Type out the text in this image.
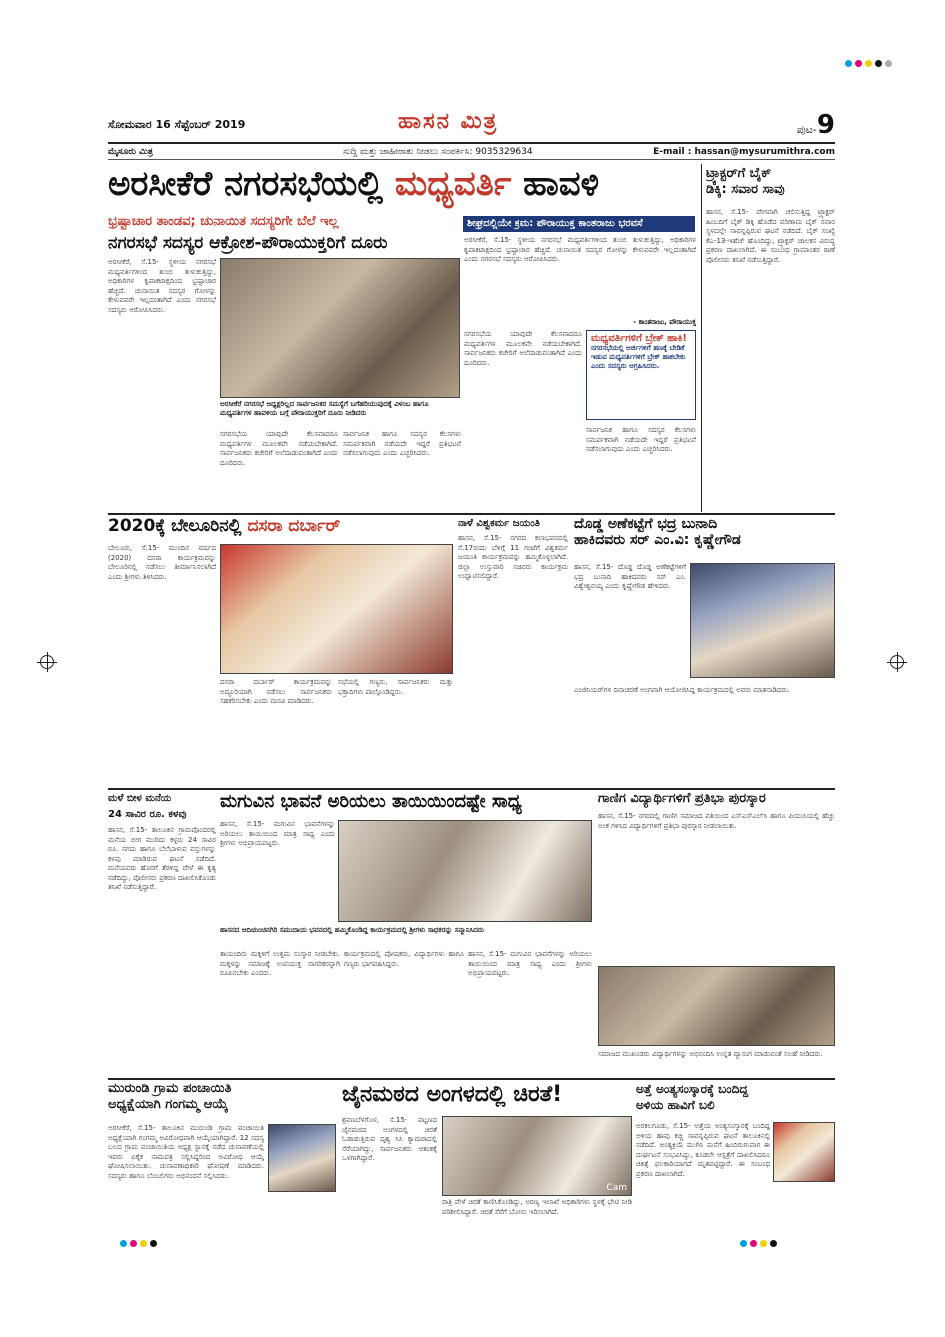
ಸೋಮವಾರ 16 ಸೆಪ್ಟೆಂಬರ್ 2019	ಹಾಸನ ಮಿತ್ರ	ಪುಟ-9
ಮೈಸೂರು ಮಿತ್ರ	ಸುದ್ದಿ ಮತ್ತು ಜಾಹೀರಾತು ನೀಡಲು ಸಂಪರ್ಕಿಸಿ: 9035329634	E-mail : hassan@mysurumithra.com
ಅರಸೀಕೆರೆ ನಗರಸಭೆಯಲ್ಲಿ ಮಧ್ಯವರ್ತಿ ಹಾವಳಿ
ಭ್ರಷ್ಟಾಚಾರ ತಾಂಡವ; ಚುನಾಯಿತ ಸದಸ್ಯರಿಗೇ ಬೆಲೆ ಇಲ್ಲ
ನಗರಸಭೆ ಸದಸ್ಯರ ಆಕ್ರೋಶ-ಪೌರಾಯುಕ್ತರಿಗೆ ದೂರು
ಶೀಘ್ರದಲ್ಲಿಯೇ ಕ್ರಮ: ಪೌರಾಯುಕ್ತ ಕಾಂತರಾಜು ಭರವಸೆ
ಅರಸೀಕೆರೆ, ಸೆ.15- ಸ್ಥಳೀಯ ನಗರಸಭೆ ಮಧ್ಯವರ್ತಿಗಳಿಂದ ತುಂಬಿ ತುಳುಕುತ್ತಿದ್ದು, ಅಧಿಕಾರಿಗಳ ಕೃಪಾಕಟಾಕ್ಷದಿಂದ ಭ್ರಷ್ಟಾಚಾರ ಹೆಚ್ಚಿದೆ. ಚುನಾಯಿತ ಸದಸ್ಯರ ಗೋಳನ್ನು ಕೇಳುವವರೇ ಇಲ್ಲದಂತಾಗಿದೆ ಎಂದು ನಗರಸಭೆ ಸದಸ್ಯರು ಆರೋಪಿಸಿದರು.
ಅರಸೀಕೆರೆ ನಗರಸಭೆ ಅಧ್ಯಕ್ಷರಿಲ್ಲದ ಸಾರ್ವಜನಿಕರ ಸಮಸ್ಯೆಗೆ ಬಗೆಹರಿಯುವುದಕ್ಕೆ ವಿಳಂಬ ಹಾಗೂ ಮಧ್ಯವರ್ತಿಗಳ ಹಾವಳಿಯ ಬಗ್ಗೆ ಪೌರಾಯುಕ್ತರಿಗೆ ದೂರು ನೀಡಿದರು
ನಗರಸಭೆಯ ಯಾವುದೇ ಕೆಲಸವಾದರೂ ಮಧ್ಯವರ್ತಿಗಳ ಮೂಲಕವೇ ನಡೆಯಬೇಕಾಗಿದೆ. ಸಾರ್ವಜನಿಕರು ಕಚೇರಿಗೆ ಅಲೆದಾಡುವಂತಾಗಿದೆ ಎಂದು ದೂರಿದರು.
ಸಾರ್ವಜನಿಕ ಹಾಗೂ ಸದಸ್ಯರ ಕೆಲಸಗಳು ಸಮರ್ಪಕವಾಗಿ ನಡೆಯದೇ ಇದ್ದರೆ ಪ್ರತಿಭಟನೆ ನಡೆಸಲಾಗುವುದು ಎಂದು ಎಚ್ಚರಿಸಿದರು.
ಅರಸೀಕೆರೆ, ಸೆ.15- ಸ್ಥಳೀಯ ನಗರಸಭೆ ಮಧ್ಯವರ್ತಿಗಳಿಂದ ತುಂಬಿ ತುಳುಕುತ್ತಿದ್ದು, ಅಧಿಕಾರಿಗಳ ಕೃಪಾಕಟಾಕ್ಷದಿಂದ ಭ್ರಷ್ಟಾಚಾರ ಹೆಚ್ಚಿದೆ. ಚುನಾಯಿತ ಸದಸ್ಯರ ಗೋಳನ್ನು ಕೇಳುವವರೇ ಇಲ್ಲದಂತಾಗಿದೆ ಎಂದು ನಗರಸಭೆ ಸದಸ್ಯರು ಆರೋಪಿಸಿದರು.
- ಕಾಂತರಾಜು, ಪೌರಾಯುಕ್ತ
ನಗರಸಭೆಯ ಯಾವುದೇ ಕೆಲಸವಾದರೂ ಮಧ್ಯವರ್ತಿಗಳ ಮೂಲಕವೇ ನಡೆಯಬೇಕಾಗಿದೆ. ಸಾರ್ವಜನಿಕರು ಕಚೇರಿಗೆ ಅಲೆದಾಡುವಂತಾಗಿದೆ ಎಂದು ದೂರಿದರು.
ಮಧ್ಯವರ್ತಿಗಳಿಗೆ ಬ್ರೇಕ್ ಹಾಕಿ!
ನಗರಸಭೆಯಲ್ಲಿ ಅರ್ಜಿಗಳಿಗೆ ಹಣಕ್ಕೆ ಬೇಡಿಕೆ ಇಡುವ ಮಧ್ಯವರ್ತಿಗಳಿಗೆ ಬ್ರೇಕ್ ಹಾಕಬೇಕು ಎಂದು ಸದಸ್ಯರು ಆಗ್ರಹಿಸಿದರು.
ಸಾರ್ವಜನಿಕ ಹಾಗೂ ಸದಸ್ಯರ ಕೆಲಸಗಳು ಸಮರ್ಪಕವಾಗಿ ನಡೆಯದೇ ಇದ್ದರೆ ಪ್ರತಿಭಟನೆ ನಡೆಸಲಾಗುವುದು ಎಂದು ಎಚ್ಚರಿಸಿದರು.
ಟ್ರ್ಯಾಕ್ಟರ್‌ಗೆ ಬೈಕ್
ಡಿಕ್ಕಿ: ಸವಾರ ಸಾವು
ಹಾಸನ, ಸೆ.15- ವೇಗವಾಗಿ ಚಲಿಸುತ್ತಿದ್ದ ಟ್ರ್ಯಾಕ್ಟರ್ ಹಿಂಬದಿಗೆ ಬೈಕ್ ಡಿಕ್ಕಿ ಹೊಡೆದ ಪರಿಣಾಮ ಬೈಕ್ ಸವಾರ ಸ್ಥಳದಲ್ಲೇ ಸಾವನ್ನಪ್ಪಿರುವ ಘಟನೆ ನಡೆದಿದೆ. ಬೈಕ್ ಸಂಖ್ಯೆ ಕೆಎ-13-ಇಹೆಚ್ ಹೊಂದಿದ್ದು, ಟ್ರ್ಯಾಕ್ಟರ್ ಚಾಲಕನ ವಿರುದ್ಧ ಪ್ರಕರಣ ದಾಖಲಾಗಿದೆ. ಈ ಸಂಬಂಧ ಗ್ರಾಮಾಂತರ ಠಾಣೆ ಪೊಲೀಸರು ತನಿಖೆ ನಡೆಸುತ್ತಿದ್ದಾರೆ.
2020ಕ್ಕೆ ಬೇಲೂರಿನಲ್ಲಿ ದಸರಾ ದರ್ಬಾರ್
ಬೇಲೂರು, ಸೆ.15- ಮುಂದಿನ ವರ್ಷದ (2020) ದಸರಾ ಕಾರ್ಯಕ್ರಮವನ್ನು ಬೇಲೂರಿನಲ್ಲಿ ನಡೆಸಲು ತೀರ್ಮಾನಿಸಲಾಗಿದೆ ಎಂದು ಶ್ರೀಗಳು ತಿಳಿಸಿದರು.
ದಸರಾ ದರ್ಬಾರ್ ಕಾರ್ಯಕ್ರಮವನ್ನು ಅದ್ದೂರಿಯಾಗಿ ನಡೆಸಲು ಸಾರ್ವಜನಿಕರು ಸಹಕರಿಸಬೇಕು ಎಂದು ಮನವಿ ಮಾಡಿದರು.
ಸಭೆಯಲ್ಲಿ ಗಣ್ಯರು, ಸಾರ್ವಜನಿಕರು ಮತ್ತು ಭಕ್ತಾದಿಗಳು ಪಾಲ್ಗೊಂಡಿದ್ದರು.
ನಾಳೆ ವಿಶ್ವಕರ್ಮ ಜಯಂತಿ
ಹಾಸನ, ಸೆ.15- ನಗರದ ಕಲಾಭವನದಲ್ಲಿ ಸೆ.17ರಂದು ಬೆಳಿಗ್ಗೆ 11 ಗಂಟೆಗೆ ವಿಶ್ವಕರ್ಮ ಜಯಂತಿ ಕಾರ್ಯಕ್ರಮವನ್ನು ಹಮ್ಮಿಕೊಳ್ಳಲಾಗಿದೆ. ಜಿಲ್ಲಾ ಉಸ್ತುವಾರಿ ಸಚಿವರು ಕಾರ್ಯಕ್ರಮ ಉದ್ಘಾಟಿಸಲಿದ್ದಾರೆ.
ದೊಡ್ಡ ಅಣೆಕಟ್ಟೆಗೆ ಭದ್ರ ಬುನಾದಿ
ಹಾಕಿದವರು ಸರ್ ಎಂ.ವಿ: ಕೃಷ್ಣೇಗೌಡ
ಹಾಸನ, ಸೆ.15- ದೊಡ್ಡ ದೊಡ್ಡ ಅಣೆಕಟ್ಟೆಗಳಿಗೆ ಭದ್ರ ಬುನಾದಿ ಹಾಕಿದವರು ಸರ್ ಎಂ. ವಿಶ್ವೇಶ್ವರಯ್ಯ ಎಂದು ಕೃಷ್ಣೇಗೌಡ ಹೇಳಿದರು.
ಎಂಜಿನಿಯರ್‌ಗಳ ದಿನಾಚರಣೆ ಅಂಗವಾಗಿ ಆಯೋಜಿಸಿದ್ದ ಕಾರ್ಯಕ್ರಮದಲ್ಲಿ ಅವರು ಮಾತನಾಡಿದರು.
ಮಳೆ ಬೀಳ ಮನೆಯ
24 ಸಾವಿರ ರೂ. ಕಳವು
ಹಾಸನ, ಸೆ.15- ತಾಲೂಕಿನ ಗ್ರಾಮವೊಂದರಲ್ಲಿ ಮನೆಯ ಬೀಗ ಮುರಿದು ಕಳ್ಳರು 24 ಸಾವಿರ ರೂ. ನಗದು ಹಾಗೂ ಬೆಲೆಬಾಳುವ ವಸ್ತುಗಳನ್ನು ಕಳವು ಮಾಡಿರುವ ಘಟನೆ ನಡೆದಿದೆ. ಮನೆಯವರು ಹೊರಗೆ ತೆರಳಿದ್ದ ವೇಳೆ ಈ ಕೃತ್ಯ ನಡೆದಿದ್ದು, ಪೊಲೀಸರು ಪ್ರಕರಣ ದಾಖಲಿಸಿಕೊಂಡು ತನಿಖೆ ನಡೆಸುತ್ತಿದ್ದಾರೆ.
ಮಗುವಿನ ಭಾವನೆ ಅರಿಯಲು ತಾಯಿಯಿಂದಷ್ಟೇ ಸಾಧ್ಯ
ಹಾಸನ, ಸೆ.15- ಮಗುವಿನ ಭಾವನೆಗಳನ್ನು ಅರಿಯಲು ತಾಯಿಯಿಂದ ಮಾತ್ರ ಸಾಧ್ಯ ಎಂದು ಶ್ರೀಗಳು ಅಭಿಪ್ರಾಯಪಟ್ಟರು.
ಹಾಸನದ ಆದಿಚುಂಚನಗಿರಿ ಸಮುದಾಯ ಭವನದಲ್ಲಿ ಹಮ್ಮಿಕೊಂಡಿದ್ದ ಕಾರ್ಯಕ್ರಮದಲ್ಲಿ ಶ್ರೀಗಳು ಸಾಧಕರನ್ನು ಸನ್ಮಾನಿಸಿದರು
ತಾಯಂದಿರು ಮಕ್ಕಳಿಗೆ ಉತ್ತಮ ಸಂಸ್ಕಾರ ನೀಡಬೇಕು. ಮಕ್ಕಳನ್ನು ಸಮಾಜಕ್ಕೆ ಉಪಯುಕ್ತ ನಾಗರಿಕರನ್ನಾಗಿ ರೂಪಿಸಬೇಕು ಎಂದರು.
ಕಾರ್ಯಕ್ರಮದಲ್ಲಿ ಪೋಷಕರು, ವಿದ್ಯಾರ್ಥಿಗಳು ಹಾಗೂ ಗಣ್ಯರು ಭಾಗವಹಿಸಿದ್ದರು.
ಹಾಸನ, ಸೆ.15- ಮಗುವಿನ ಭಾವನೆಗಳನ್ನು ಅರಿಯಲು ತಾಯಿಯಿಂದ ಮಾತ್ರ ಸಾಧ್ಯ ಎಂದು ಶ್ರೀಗಳು ಅಭಿಪ್ರಾಯಪಟ್ಟರು.
ಗಾಣಿಗ ವಿದ್ಯಾರ್ಥಿಗಳಿಗೆ ಪ್ರತಿಭಾ ಪುರಸ್ಕಾರ
ಹಾಸನ, ಸೆ.15- ನಗರದಲ್ಲಿ ಗಾಣಿಗ ಸಮಾಜದ ವತಿಯಿಂದ ಎಸ್ಎಸ್ಎಲ್‌ಸಿ ಹಾಗೂ ಪಿಯುಸಿಯಲ್ಲಿ ಹೆಚ್ಚು ಅಂಕ ಗಳಿಸಿದ ವಿದ್ಯಾರ್ಥಿಗಳಿಗೆ ಪ್ರತಿಭಾ ಪುರಸ್ಕಾರ ನೀಡಲಾಯಿತು.
ಸಮಾಜದ ಮುಖಂಡರು ವಿದ್ಯಾರ್ಥಿಗಳನ್ನು ಅಭಿನಂದಿಸಿ ಉನ್ನತ ವ್ಯಾಸಂಗ ಮಾಡುವಂತೆ ಸಲಹೆ ನೀಡಿದರು.
ಮುರುಂಡಿ ಗ್ರಾಮ ಪಂಚಾಯಿತಿ
ಅಧ್ಯಕ್ಷೆಯಾಗಿ ಗಂಗಮ್ಮ ಆಯ್ಕೆ
ಅರಸೀಕೆರೆ, ಸೆ.15- ತಾಲೂಕಿನ ಮುರುಂಡಿ ಗ್ರಾಮ ಪಂಚಾಯಿತಿ ಅಧ್ಯಕ್ಷೆಯಾಗಿ ಗಂಗಮ್ಮ ಅವಿರೋಧವಾಗಿ ಆಯ್ಕೆಯಾಗಿದ್ದಾರೆ. 12 ಸದಸ್ಯ ಬಲದ ಗ್ರಾಮ ಪಂಚಾಯಿತಿಯ ಅಧ್ಯಕ್ಷ ಸ್ಥಾನಕ್ಕೆ ನಡೆದ ಚುನಾವಣೆಯಲ್ಲಿ ಇವರು ಏಕೈಕ ನಾಮಪತ್ರ ಸಲ್ಲಿಸಿದ್ದರಿಂದ ಅವಿರೋಧ ಆಯ್ಕೆ ಘೋಷಿಸಲಾಯಿತು. ಚುನಾವಣಾಧಿಕಾರಿ ಘೋಷಣೆ ಮಾಡಿದರು. ಸದಸ್ಯರು ಹಾಗೂ ಬೆಂಬಲಿಗರು ಅಭಿನಂದನೆ ಸಲ್ಲಿಸಿದರು.
ಜೈನಮಠದ ಅಂಗಳದಲ್ಲಿ ಚಿರತೆ!
ಶ್ರವಣಬೆಳಗೊಳ, ಸೆ.15- ಪಟ್ಟಣದ ಜೈನಮಠದ ಅಂಗಳದಲ್ಲಿ ಚಿರತೆ ಓಡಾಡುತ್ತಿರುವ ದೃಶ್ಯ ಸಿಸಿ ಕ್ಯಾಮರಾದಲ್ಲಿ ಸೆರೆಯಾಗಿದ್ದು, ಸಾರ್ವಜನಿಕರು ಆತಂಕಕ್ಕೆ ಒಳಗಾಗಿದ್ದಾರೆ.
Cam
ರಾತ್ರಿ ವೇಳೆ ಚಿರತೆ ಕಾಣಿಸಿಕೊಂಡಿದ್ದು, ಅರಣ್ಯ ಇಲಾಖೆ ಅಧಿಕಾರಿಗಳು ಸ್ಥಳಕ್ಕೆ ಭೇಟಿ ನೀಡಿ ಪರಿಶೀಲಿಸಿದ್ದಾರೆ. ಚಿರತೆ ಸೆರೆಗೆ ಬೋನು ಇರಿಸಲಾಗಿದೆ.
ಅತ್ತೆ ಅಂತ್ಯಸಂಸ್ಕಾರಕ್ಕೆ ಬಂದಿದ್ದ
ಅಳಿಯ ಹಾವಿಗೆ ಬಲಿ
ಅರಕಲಗೂಡು, ಸೆ.15- ಅತ್ತೆಯ ಅಂತ್ಯಸಂಸ್ಕಾರಕ್ಕೆ ಬಂದಿದ್ದ ಅಳಿಯ ಹಾವು ಕಚ್ಚಿ ಸಾವನ್ನಪ್ಪಿರುವ ಘಟನೆ ತಾಲೂಕಿನಲ್ಲಿ ನಡೆದಿದೆ. ಅಂತ್ಯಕ್ರಿಯೆ ಮುಗಿಸಿ ಮನೆಗೆ ಹಿಂದಿರುಗುವಾಗ ಈ ದುರ್ಘಟನೆ ಸಂಭವಿಸಿದ್ದು, ಕೂಡಲೇ ಆಸ್ಪತ್ರೆಗೆ ದಾಖಲಿಸಿದರೂ ಚಿಕಿತ್ಸೆ ಫಲಕಾರಿಯಾಗದೆ ಮೃತಪಟ್ಟಿದ್ದಾರೆ. ಈ ಸಂಬಂಧ ಪ್ರಕರಣ ದಾಖಲಾಗಿದೆ.
